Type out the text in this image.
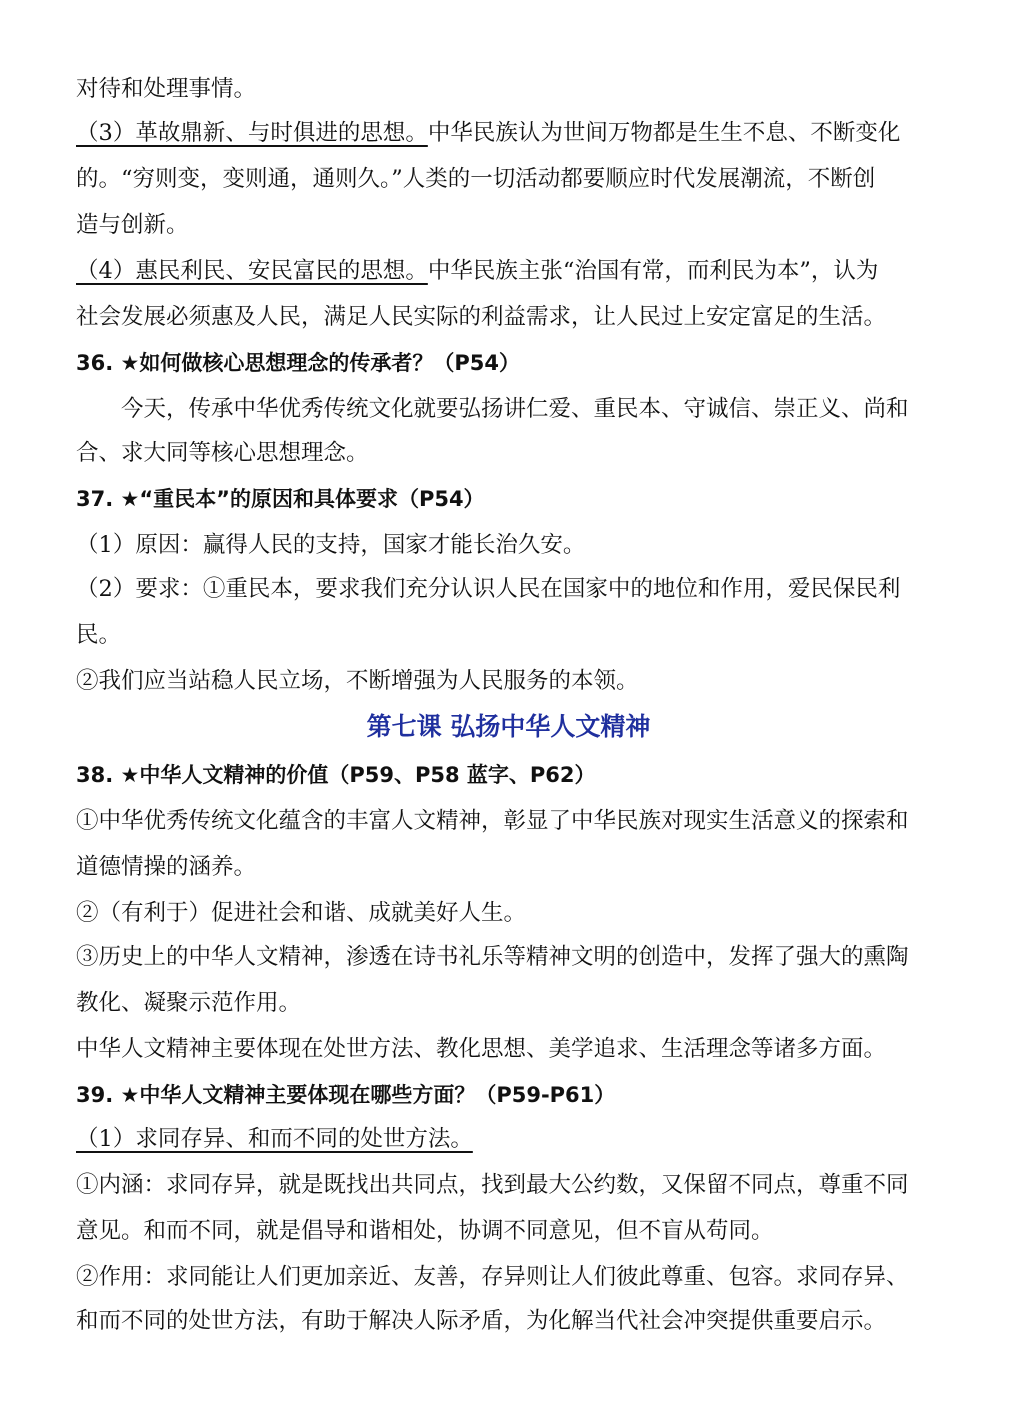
对待和处理事情。
（3）革故鼎新、与时俱进的思想。中华民族认为世间万物都是生生不息、不断变化
的。“穷则变，变则通，通则久。”人类的一切活动都要顺应时代发展潮流，不断创
造与创新。
（4）惠民利民、安民富民的思想。中华民族主张“治国有常，而利民为本”，认为
社会发展必须惠及人民，满足人民实际的利益需求，让人民过上安定富足的生活。
36. ★如何做核心思想理念的传承者？（P54）
今天，传承中华优秀传统文化就要弘扬讲仁爱、重民本、守诚信、崇正义、尚和
合、求大同等核心思想理念。
37. ★“重民本”的原因和具体要求（P54）
（1）原因：赢得人民的支持，国家才能长治久安。
（2）要求：①重民本，要求我们充分认识人民在国家中的地位和作用，爱民保民利
民。
②我们应当站稳人民立场，不断增强为人民服务的本领。
第七课 弘扬中华人文精神
38. ★中华人文精神的价值（P59、P58 蓝字、P62）
①中华优秀传统文化蕴含的丰富人文精神，彰显了中华民族对现实生活意义的探索和
道德情操的涵养。
②（有利于）促进社会和谐、成就美好人生。
③历史上的中华人文精神，渗透在诗书礼乐等精神文明的创造中，发挥了强大的熏陶
教化、凝聚示范作用。
中华人文精神主要体现在处世方法、教化思想、美学追求、生活理念等诸多方面。
39. ★中华人文精神主要体现在哪些方面？（P59-P61）
（1）求同存异、和而不同的处世方法。
①内涵：求同存异，就是既找出共同点，找到最大公约数，又保留不同点，尊重不同
意见。和而不同，就是倡导和谐相处，协调不同意见，但不盲从苟同。
②作用：求同能让人们更加亲近、友善，存异则让人们彼此尊重、包容。求同存异、
和而不同的处世方法，有助于解决人际矛盾，为化解当代社会冲突提供重要启示。
